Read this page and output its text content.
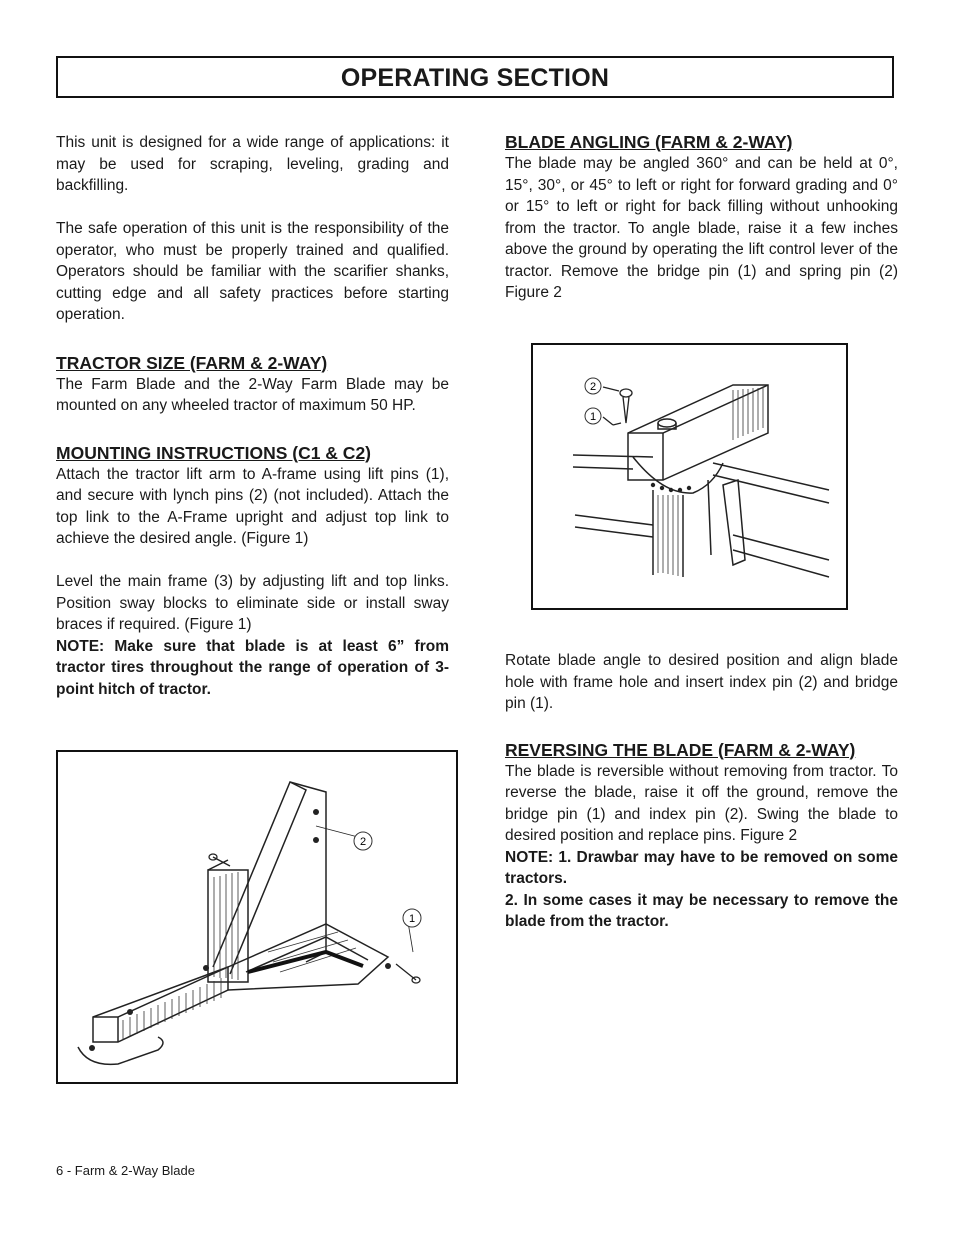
OPERATING SECTION

This unit is designed for a wide range of applications: it may be used for scraping, leveling, grading and backfilling.

The safe operation of this unit is the responsibility of the operator, who must be properly trained and qualified. Operators should be familiar with the scarifier shanks, cutting edge and all safety practices before starting operation.

TRACTOR SIZE (FARM & 2-WAY)

The Farm Blade and the 2-Way Farm Blade may be mounted on any wheeled tractor of maximum 50 HP.

MOUNTING INSTRUCTIONS (C1 & C2)

Attach the tractor lift arm to A-frame using lift pins (1), and secure with lynch pins (2) (not included). Attach the top link to the A-Frame upright and adjust top link to achieve the desired angle. (Figure 1)

Level the main frame (3) by adjusting lift and top links. Position sway blocks to eliminate side or install sway braces if required. (Figure 1)

NOTE: Make sure that blade is at least 6” from tractor tires throughout the range of operation of 3-point hitch of tractor.

BLADE ANGLING (FARM & 2-WAY)

The blade may be angled 360° and can be held at 0°, 15°, 30°, or 45° to left or right for forward grading and 0° or 15° to left or right for back filling without unhooking from the tractor. To angle blade, raise it a few inches above the ground by operating the lift control lever of the tractor. Remove the bridge pin (1) and spring pin (2) Figure 2

Rotate blade angle to desired position and align blade hole with frame hole and insert index pin (2) and bridge pin (1).

REVERSING THE BLADE (FARM & 2-WAY)

The blade is reversible without removing from tractor. To reverse the blade, raise it off the ground, remove the bridge pin (1) and index pin (2). Swing the blade to desired position and replace pins. Figure 2

NOTE: 1. Drawbar may have to be removed on some tractors.

2. In some cases it may be necessary to remove the blade from the tractor.

2
1
2
1
6 - Farm & 2-Way Blade
